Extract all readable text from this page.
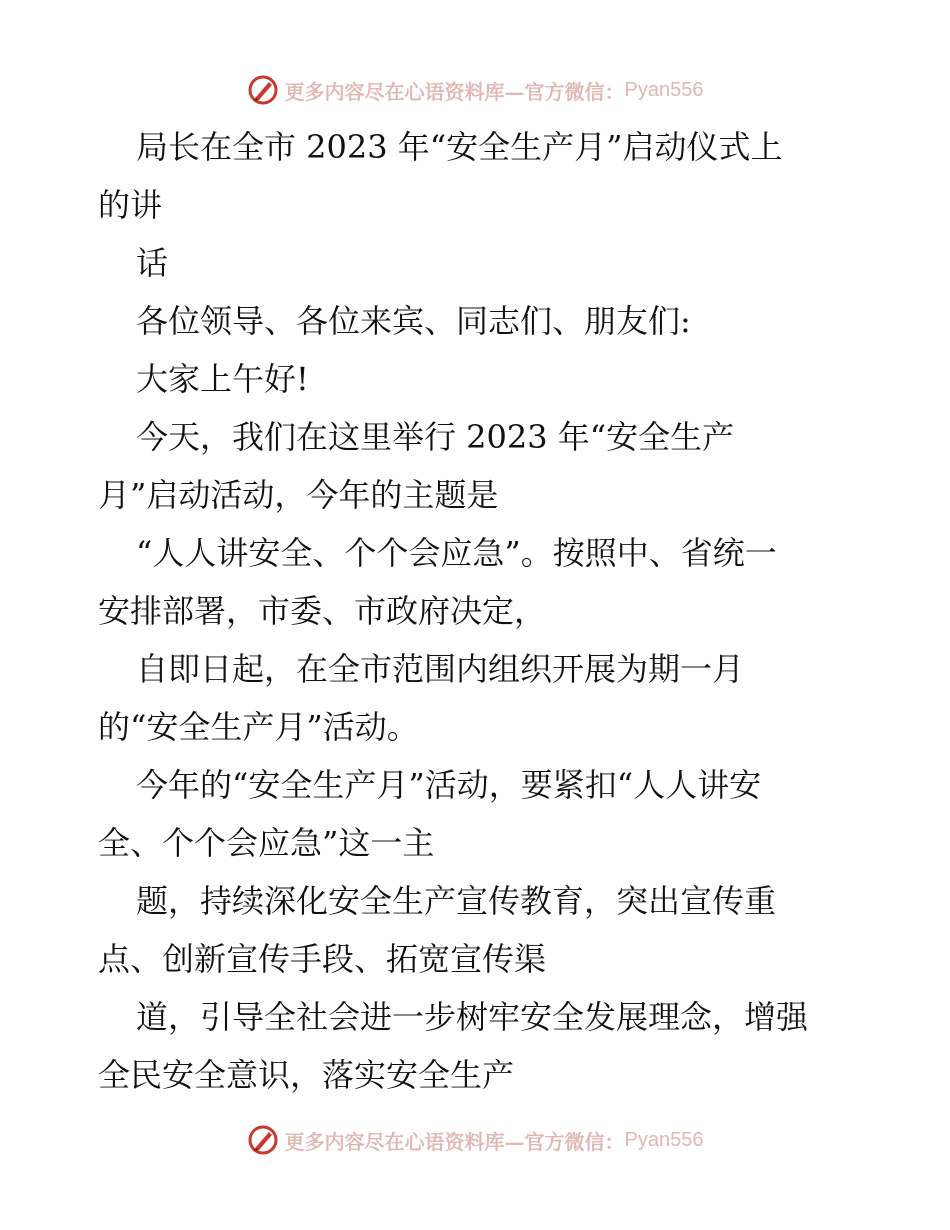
更多内容尽在心语资料库—官方微信： Pyan556
局长在全市 2023 年“安全生产月”启动仪式上
的讲
话
各位领导、各位来宾、同志们、朋友们:
大家上午好!
今天，我们在这里举行 2023 年“安全生产
月”启动活动，今年的主题是
“人人讲安全、个个会应急”。按照中、省统一
安排部署，市委、市政府决定，
自即日起，在全市范围内组织开展为期一月
的“安全生产月”活动。
今年的“安全生产月”活动，要紧扣“人人讲安
全、个个会应急”这一主
题，持续深化安全生产宣传教育，突出宣传重
点、创新宣传手段、拓宽宣传渠
道，引导全社会进一步树牢安全发展理念，增强
全民安全意识，落实安全生产
更多内容尽在心语资料库—官方微信： Pyan556
